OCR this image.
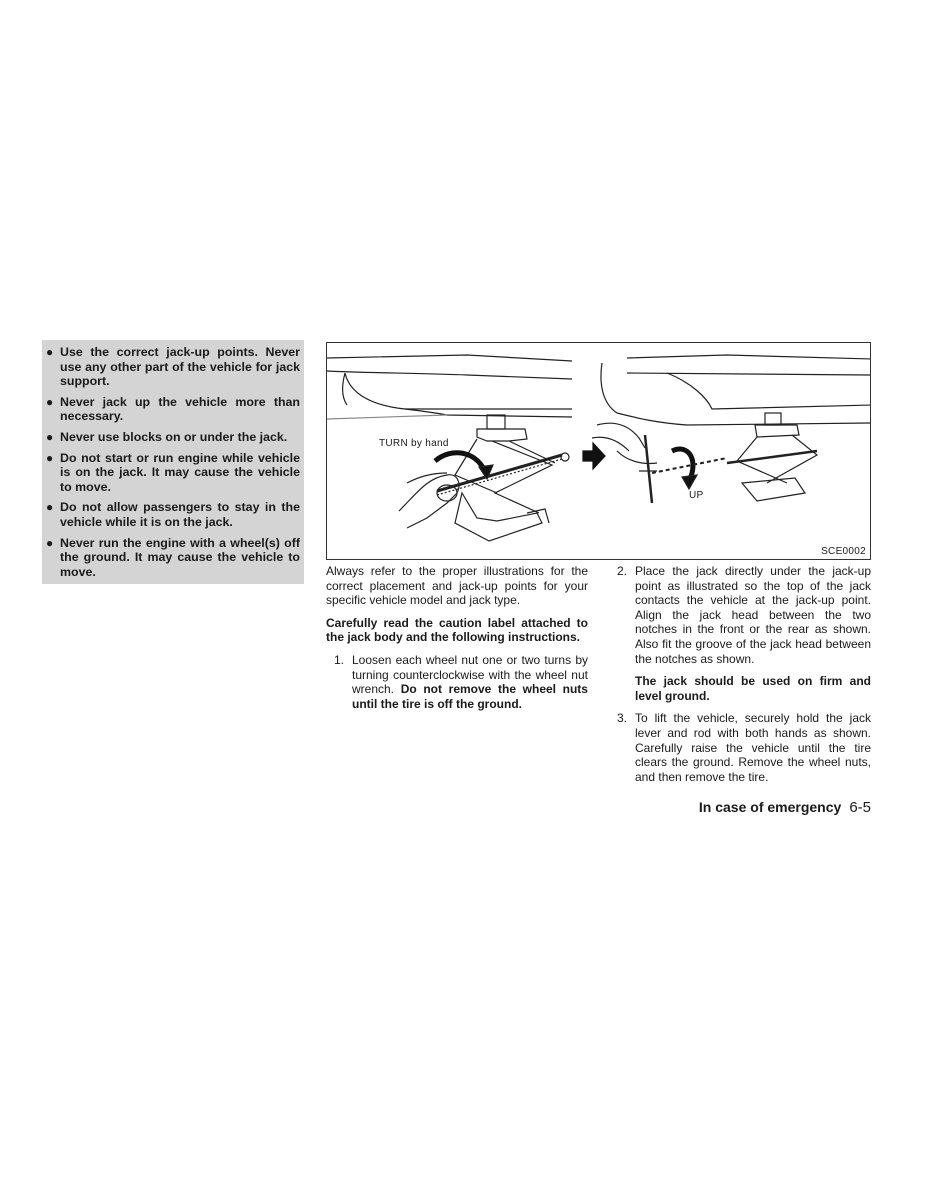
● Use the correct jack-up points. Never use any other part of the vehicle for jack support.
● Never jack up the vehicle more than necessary.
● Never use blocks on or under the jack.
● Do not start or run engine while vehicle is on the jack. It may cause the vehicle to move.
● Do not allow passengers to stay in the vehicle while it is on the jack.
● Never run the engine with a wheel(s) off the ground. It may cause the vehicle to move.
TURN by hand
UP
SCE0002

Always refer to the proper illustrations for the correct placement and jack-up points for your specific vehicle model and jack type.

Carefully read the caution label attached to the jack body and the following instructions.

1. Loosen each wheel nut one or two turns by turning counterclockwise with the wheel nut wrench. Do not remove the wheel nuts until the tire is off the ground.

2. Place the jack directly under the jack-up point as illustrated so the top of the jack contacts the vehicle at the jack-up point. Align the jack head between the two notches in the front or the rear as shown. Also fit the groove of the jack head between the notches as shown.

The jack should be used on firm and level ground.

3. To lift the vehicle, securely hold the jack lever and rod with both hands as shown. Carefully raise the vehicle until the tire clears the ground. Remove the wheel nuts, and then remove the tire.

In case of emergency 6-5
